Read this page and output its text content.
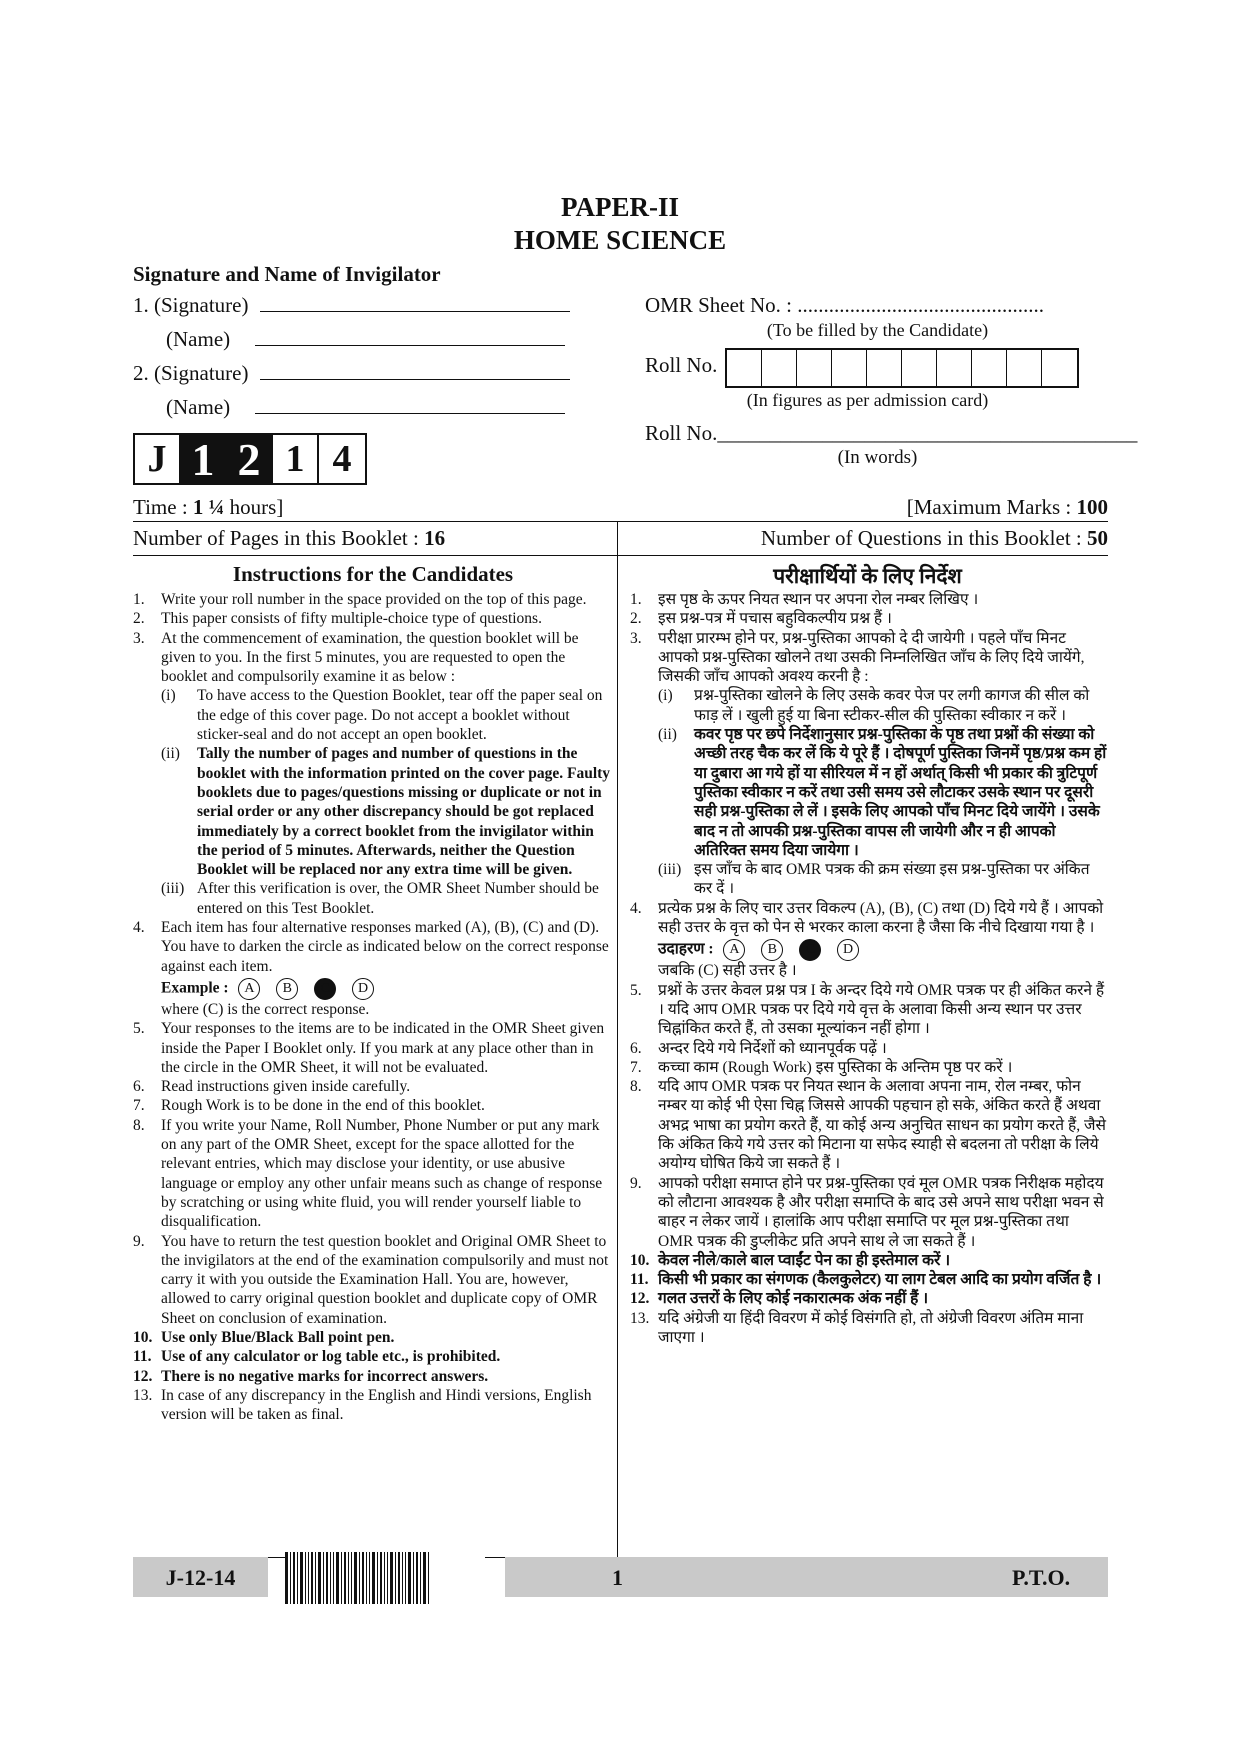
PAPER-II
HOME SCIENCE
Signature and Name of Invigilator
1. (Signature)
(Name)
2. (Signature)
(Name)
J 1 2 1 4
OMR Sheet No. : ...............................................
(To be filled by the Candidate)
Roll No.
(In figures as per admission card)
Roll No.________________________________________
(In words)
Time : 1 ¼ hours]	[Maximum Marks : 100
Number of Pages in this Booklet : 16	Number of Questions in this Booklet : 50
Instructions for the Candidates
1. Write your roll number in the space provided on the top of this page.
2. This paper consists of fifty multiple-choice type of questions.
3. At the commencement of examination, the question booklet will be given to you. In the first 5 minutes, you are requested to open the booklet and compulsorily examine it as below :
(i) To have access to the Question Booklet, tear off the paper seal on the edge of this cover page. Do not accept a booklet without sticker-seal and do not accept an open booklet.
(ii) Tally the number of pages and number of questions in the booklet with the information printed on the cover page. Faulty booklets due to pages/questions missing or duplicate or not in serial order or any other discrepancy should be got replaced immediately by a correct booklet from the invigilator within the period of 5 minutes. Afterwards, neither the Question Booklet will be replaced nor any extra time will be given.
(iii) After this verification is over, the OMR Sheet Number should be entered on this Test Booklet.
4. Each item has four alternative responses marked (A), (B), (C) and (D). You have to darken the circle as indicated below on the correct response against each item.
Example : A B C D
where (C) is the correct response.
5. Your responses to the items are to be indicated in the OMR Sheet given inside the Paper I Booklet only. If you mark at any place other than in the circle in the OMR Sheet, it will not be evaluated.
6. Read instructions given inside carefully.
7. Rough Work is to be done in the end of this booklet.
8. If you write your Name, Roll Number, Phone Number or put any mark on any part of the OMR Sheet, except for the space allotted for the relevant entries, which may disclose your identity, or use abusive language or employ any other unfair means such as change of response by scratching or using white fluid, you will render yourself liable to disqualification.
9. You have to return the test question booklet and Original OMR Sheet to the invigilators at the end of the examination compulsorily and must not carry it with you outside the Examination Hall. You are, however, allowed to carry original question booklet and duplicate copy of OMR Sheet on conclusion of examination.
10. Use only Blue/Black Ball point pen.
11. Use of any calculator or log table etc., is prohibited.
12. There is no negative marks for incorrect answers.
13. In case of any discrepancy in the English and Hindi versions, English version will be taken as final.
परीक्षार्थियों के लिए निर्देश
1. इस पृष्ठ के ऊपर नियत स्थान पर अपना रोल नम्बर लिखिए ।
2. इस प्रश्न-पत्र में पचास बहुविकल्पीय प्रश्न हैं ।
3. परीक्षा प्रारम्भ होने पर, प्रश्न-पुस्तिका आपको दे दी जायेगी । पहले पाँच मिनट आपको प्रश्न-पुस्तिका खोलने तथा उसकी निम्नलिखित जाँच के लिए दिये जायेंगे, जिसकी जाँच आपको अवश्य करनी है :
(i) प्रश्न-पुस्तिका खोलने के लिए उसके कवर पेज पर लगी कागज की सील को फाड़ लें । खुली हुई या बिना स्टीकर-सील की पुस्तिका स्वीकार न करें ।
(ii) कवर पृष्ठ पर छपे निर्देशानुसार प्रश्न-पुस्तिका के पृष्ठ तथा प्रश्नों की संख्या को अच्छी तरह चैक कर लें कि ये पूरे हैं । दोषपूर्ण पुस्तिका जिनमें पृष्ठ/प्रश्न कम हों या दुबारा आ गये हों या सीरियल में न हों अर्थात् किसी भी प्रकार की त्रुटिपूर्ण पुस्तिका स्वीकार न करें तथा उसी समय उसे लौटाकर उसके स्थान पर दूसरी सही प्रश्न-पुस्तिका ले लें । इसके लिए आपको पाँच मिनट दिये जायेंगे । उसके बाद न तो आपकी प्रश्न-पुस्तिका वापस ली जायेगी और न ही आपको अतिरिक्त समय दिया जायेगा ।
(iii) इस जाँच के बाद OMR पत्रक की क्रम संख्या इस प्रश्न-पुस्तिका पर अंकित कर दें ।
4. प्रत्येक प्रश्न के लिए चार उत्तर विकल्प (A), (B), (C) तथा (D) दिये गये हैं । आपको सही उत्तर के वृत्त को पेन से भरकर काला करना है जैसा कि नीचे दिखाया गया है ।
उदाहरण : A B C D
जबकि (C) सही उत्तर है ।
5. प्रश्नों के उत्तर केवल प्रश्न पत्र I के अन्दर दिये गये OMR पत्रक पर ही अंकित करने हैं । यदि आप OMR पत्रक पर दिये गये वृत्त के अलावा किसी अन्य स्थान पर उत्तर चिह्नांकित करते हैं, तो उसका मूल्यांकन नहीं होगा ।
6. अन्दर दिये गये निर्देशों को ध्यानपूर्वक पढ़ें ।
7. कच्चा काम (Rough Work) इस पुस्तिका के अन्तिम पृष्ठ पर करें ।
8. यदि आप OMR पत्रक पर नियत स्थान के अलावा अपना नाम, रोल नम्बर, फोन नम्बर या कोई भी ऐसा चिह्न जिससे आपकी पहचान हो सके, अंकित करते हैं अथवा अभद्र भाषा का प्रयोग करते हैं, या कोई अन्य अनुचित साधन का प्रयोग करते हैं, जैसे कि अंकित किये गये उत्तर को मिटाना या सफेद स्याही से बदलना तो परीक्षा के लिये अयोग्य घोषित किये जा सकते हैं ।
9. आपको परीक्षा समाप्त होने पर प्रश्न-पुस्तिका एवं मूल OMR पत्रक निरीक्षक महोदय को लौटाना आवश्यक है और परीक्षा समाप्ति के बाद उसे अपने साथ परीक्षा भवन से बाहर न लेकर जायें । हालांकि आप परीक्षा समाप्ति पर मूल प्रश्न-पुस्तिका तथा OMR पत्रक की डुप्लीकेट प्रति अपने साथ ले जा सकते हैं ।
10. केवल नीले/काले बाल प्वाईंट पेन का ही इस्तेमाल करें ।
11. किसी भी प्रकार का संगणक (कैलकुलेटर) या लाग टेबल आदि का प्रयोग वर्जित है ।
12. गलत उत्तरों के लिए कोई नकारात्मक अंक नहीं हैं ।
13. यदि अंग्रेजी या हिंदी विवरण में कोई विसंगति हो, तो अंग्रेजी विवरण अंतिम माना जाएगा ।
J-12-14	1	P.T.O.
